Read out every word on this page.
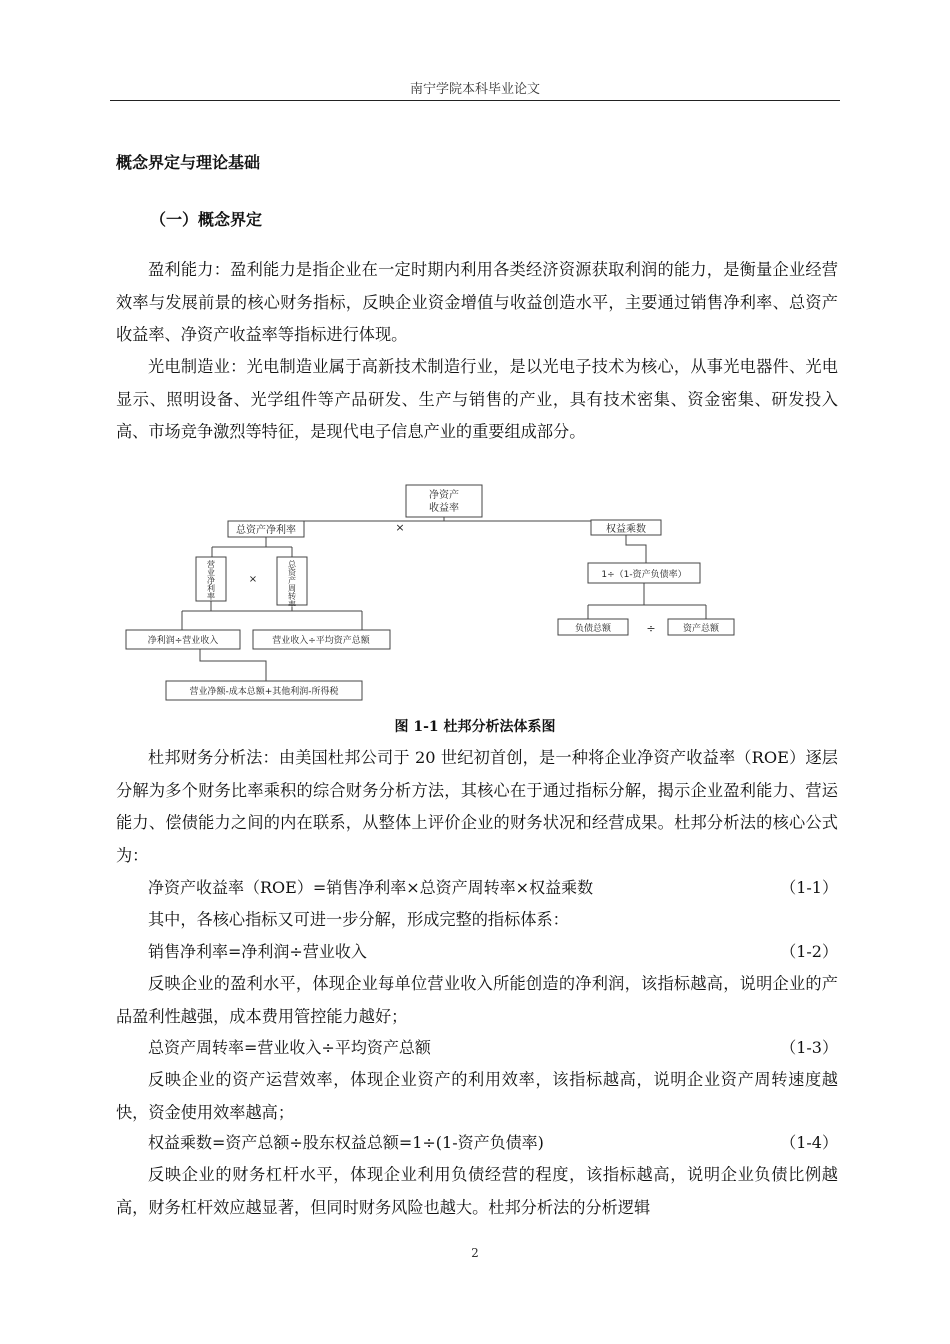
南宁学院本科毕业论文
概念界定与理论基础
（一）概念界定

盈利能力：盈利能力是指企业在一定时期内利用各类经济资源获取利润的能力，是衡量企业经营效率与发展前景的核心财务指标，反映企业资金增值与收益创造水平，主要通过销售净利率、总资产收益率、净资产收益率等指标进行体现。

光电制造业：光电制造业属于高新技术制造行业，是以光电子技术为核心，从事光电器件、光电显示、照明设备、光学组件等产品研发、生产与销售的产业，具有技术密集、资金密集、研发投入高、市场竞争激烈等特征，是现代电子信息产业的重要组成部分。

净资产
收益率
×
总资产净利率	权益乘数
营
业
净
利
率
×
总
资
产
周
转
率
净利润÷营业收入	营业收入÷平均资产总额
营业净额-成本总额+其他利润-所得税
1÷（1-资产负债率）
负债总额	÷	资产总额
图 1-1 杜邦分析法体系图

杜邦财务分析法：由美国杜邦公司于 20 世纪初首创，是一种将企业净资产收益率（ROE）逐层分解为多个财务比率乘积的综合财务分析方法，其核心在于通过指标分解，揭示企业盈利能力、营运能力、偿债能力之间的内在联系，从整体上评价企业的财务状况和经营成果。杜邦分析法的核心公式为：

净资产收益率（ROE）=销售净利率×总资产周转率×权益乘数	（1-1）

其中，各核心指标又可进一步分解，形成完整的指标体系：

销售净利率=净利润÷营业收入	（1-2）

反映企业的盈利水平，体现企业每单位营业收入所能创造的净利润，该指标越高，说明企业的产品盈利性越强，成本费用管控能力越好；

总资产周转率=营业收入÷平均资产总额	（1-3）

反映企业的资产运营效率，体现企业资产的利用效率，该指标越高，说明企业资产周转速度越快，资金使用效率越高；

权益乘数=资产总额÷股东权益总额=1÷(1-资产负债率)	（1-4）

反映企业的财务杠杆水平，体现企业利用负债经营的程度，该指标越高，说明企业负债比例越高，财务杠杆效应越显著，但同时财务风险也越大。杜邦分析法的分析逻辑

2
